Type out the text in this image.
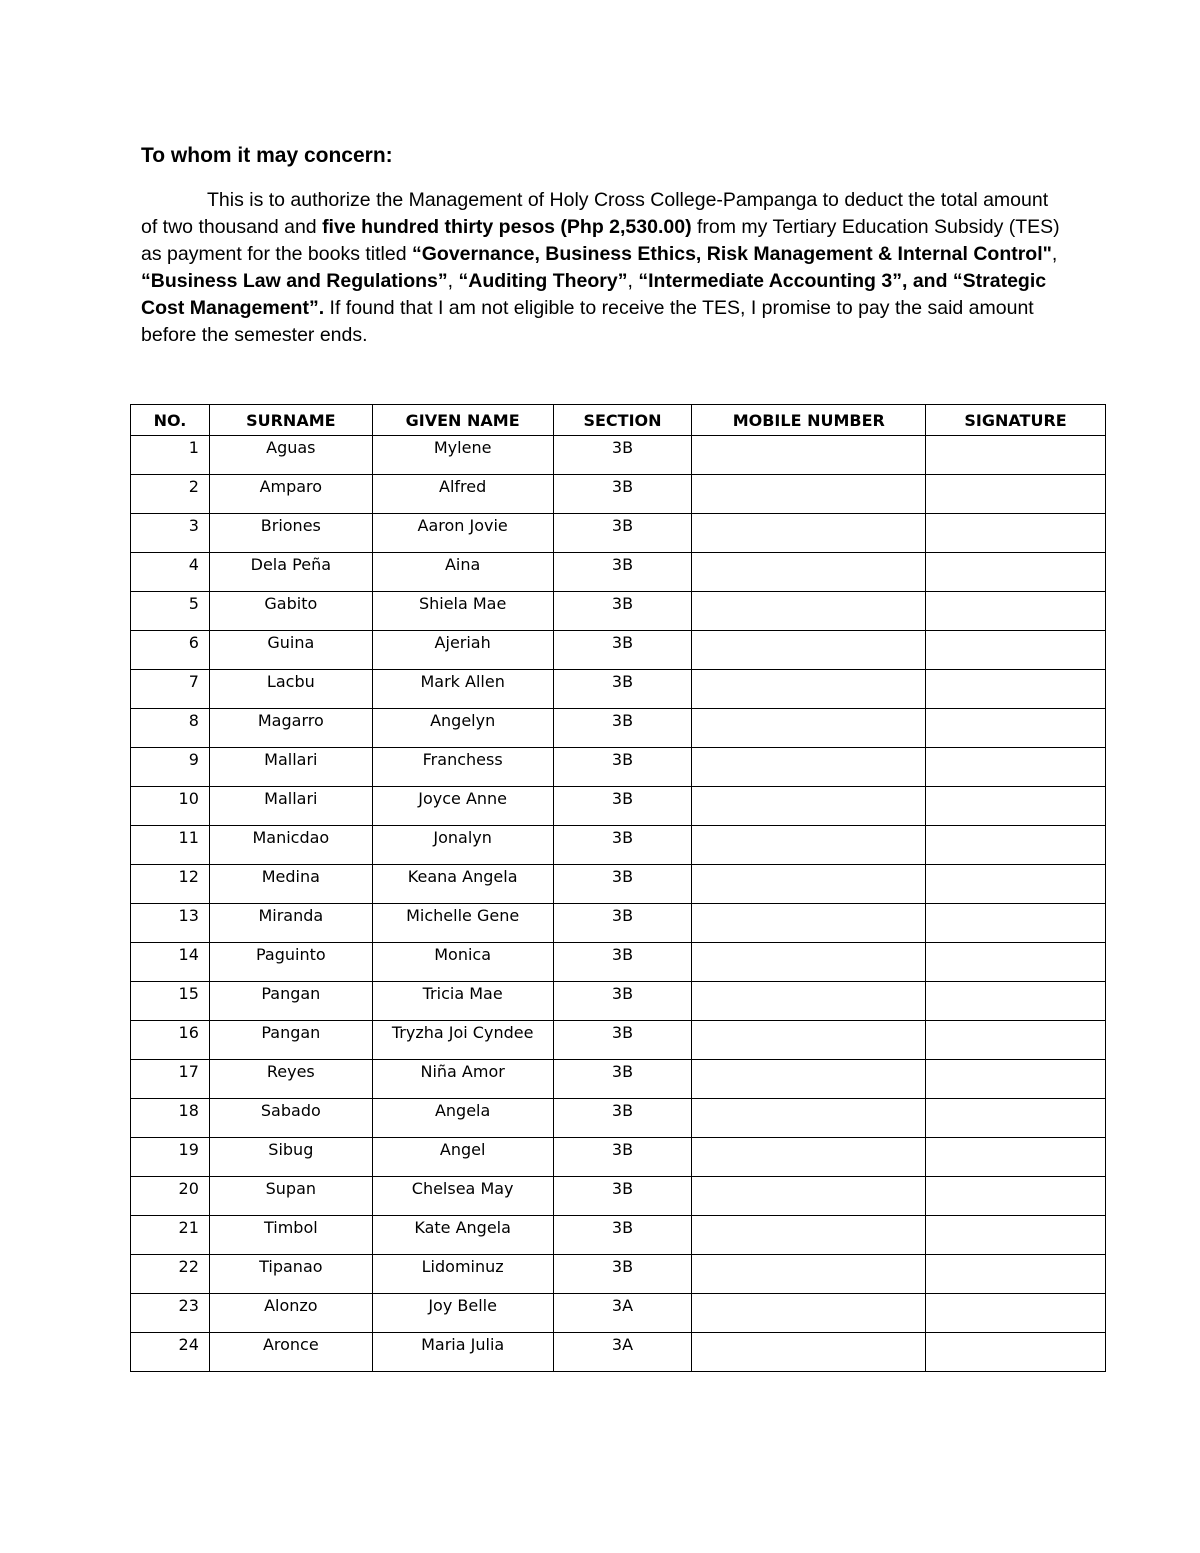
To whom it may concern:

This is to authorize the Management of Holy Cross College-Pampanga to deduct the total amount of two thousand and five hundred thirty pesos (Php 2,530.00) from my Tertiary Education Subsidy (TES) as payment for the books titled “Governance, Business Ethics, Risk Management & Internal Control", “Business Law and Regulations”, “Auditing Theory”, “Intermediate Accounting 3”, and “Strategic Cost Management”. If found that I am not eligible to receive the TES, I promise to pay the said amount before the semester ends.

NO.	SURNAME	GIVEN NAME	SECTION	MOBILE NUMBER	SIGNATURE
1	Aguas	Mylene	3B		
2	Amparo	Alfred	3B		
3	Briones	Aaron Jovie	3B		
4	Dela Peña	Aina	3B		
5	Gabito	Shiela Mae	3B		
6	Guina	Ajeriah	3B		
7	Lacbu	Mark Allen	3B		
8	Magarro	Angelyn	3B		
9	Mallari	Franchess	3B		
10	Mallari	Joyce Anne	3B		
11	Manicdao	Jonalyn	3B		
12	Medina	Keana Angela	3B		
13	Miranda	Michelle Gene	3B		
14	Paguinto	Monica	3B		
15	Pangan	Tricia Mae	3B		
16	Pangan	Tryzha Joi Cyndee	3B		
17	Reyes	Niña Amor	3B		
18	Sabado	Angela	3B		
19	Sibug	Angel	3B		
20	Supan	Chelsea May	3B		
21	Timbol	Kate Angela	3B		
22	Tipanao	Lidominuz	3B		
23	Alonzo	Joy Belle	3A		
24	Aronce	Maria Julia	3A		
